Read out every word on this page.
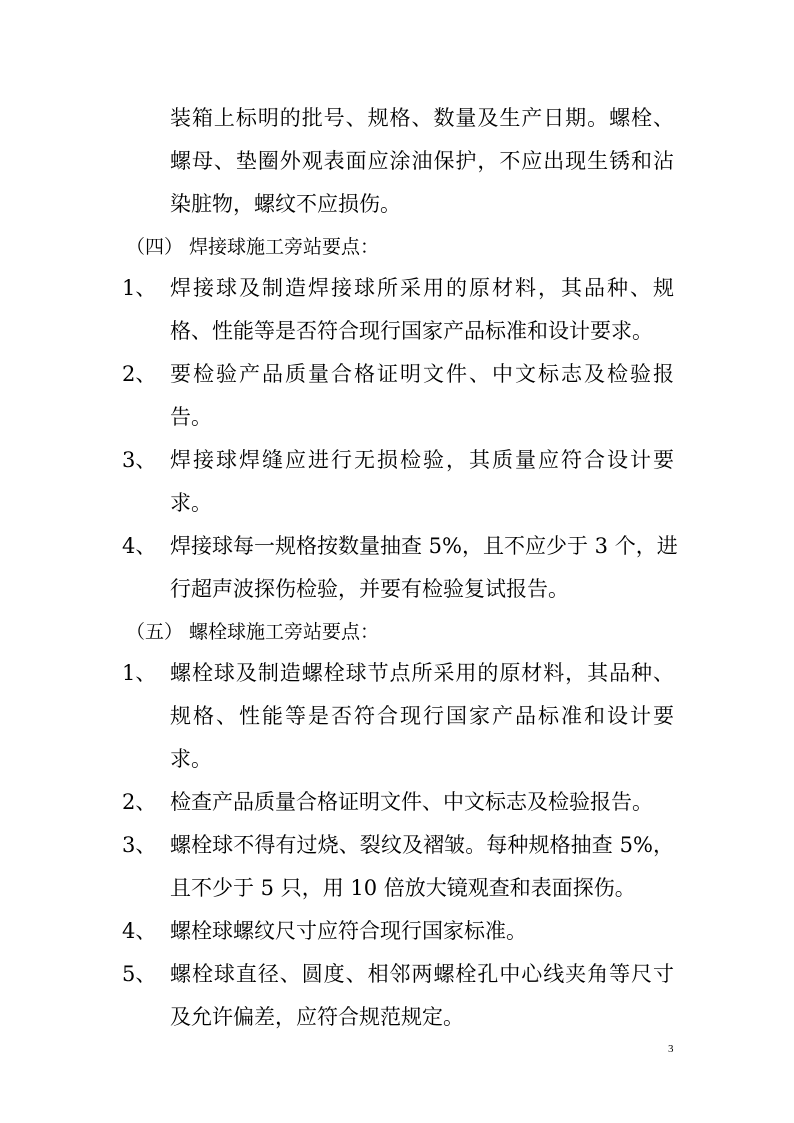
装箱上标明的批号、规格、数量及生产日期。螺栓、
螺母、垫圈外观表面应涂油保护，不应出现生锈和沾
染脏物，螺纹不应损伤。
（四） 焊接球施工旁站要点：
1、 焊接球及制造焊接球所采用的原材料，其品种、规
格、性能等是否符合现行国家产品标准和设计要求。
2、 要检验产品质量合格证明文件、中文标志及检验报
告。
3、 焊接球焊缝应进行无损检验，其质量应符合设计要
求。
4、 焊接球每一规格按数量抽查 5%，且不应少于 3 个，进
行超声波探伤检验，并要有检验复试报告。
（五） 螺栓球施工旁站要点：
1、 螺栓球及制造螺栓球节点所采用的原材料，其品种、
规格、性能等是否符合现行国家产品标准和设计要
求。
2、 检查产品质量合格证明文件、中文标志及检验报告。
3、 螺栓球不得有过烧、裂纹及褶皱。每种规格抽查 5%，
且不少于 5 只，用 10 倍放大镜观查和表面探伤。
4、 螺栓球螺纹尺寸应符合现行国家标准。
5、 螺栓球直径、圆度、相邻两螺栓孔中心线夹角等尺寸
及允许偏差，应符合规范规定。
3
